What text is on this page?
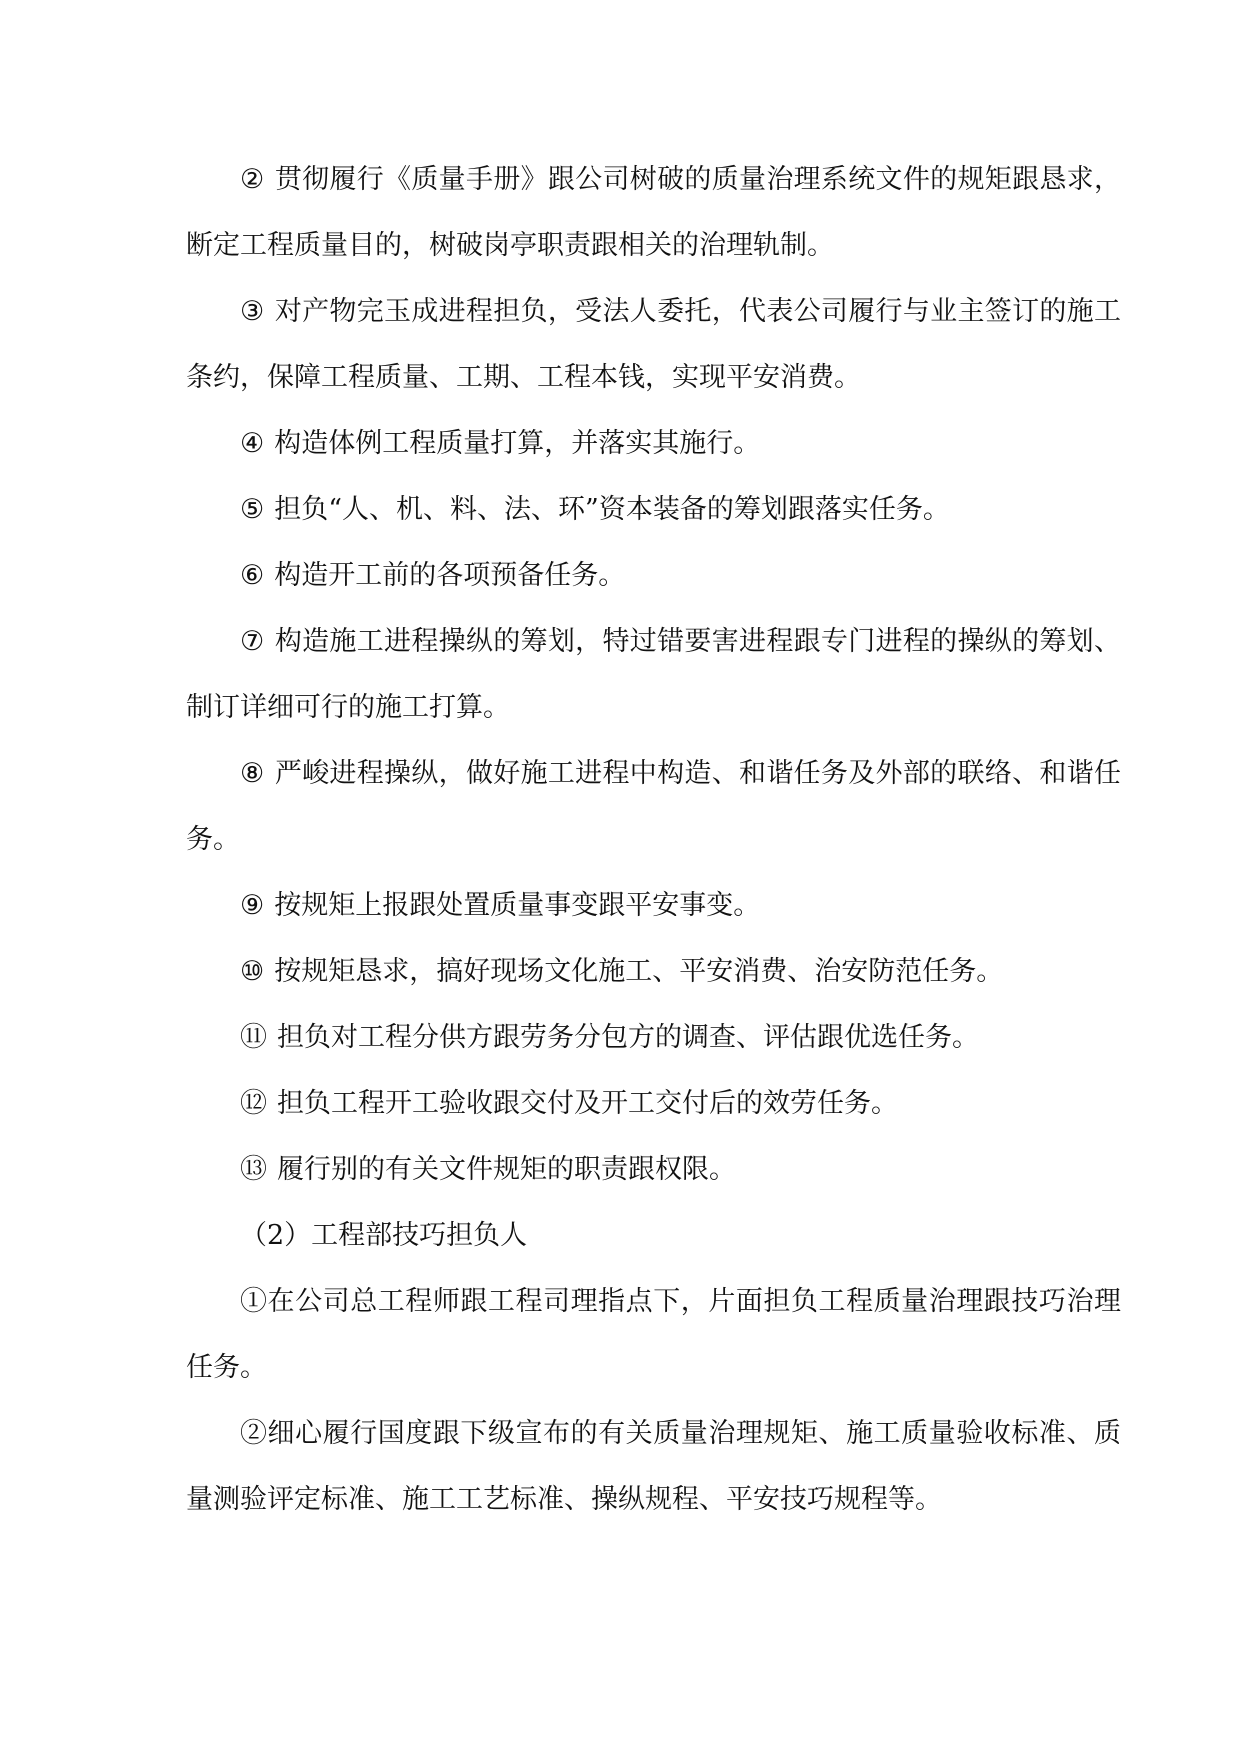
② 贯彻履行《质量手册》跟公司树破的质量治理系统文件的规矩跟恳求，断定工程质量目的，树破岗亭职责跟相关的治理轨制。

③ 对产物完玉成进程担负，受法人委托，代表公司履行与业主签订的施工条约，保障工程质量、工期、工程本钱，实现平安消费。

④ 构造体例工程质量打算，并落实其施行。

⑤ 担负“人、机、料、法、环”资本装备的筹划跟落实任务。

⑥ 构造开工前的各项预备任务。

⑦ 构造施工进程操纵的筹划，特过错要害进程跟专门进程的操纵的筹划、制订详细可行的施工打算。

⑧ 严峻进程操纵，做好施工进程中构造、和谐任务及外部的联络、和谐任务。

⑨ 按规矩上报跟处置质量事变跟平安事变。

⑩ 按规矩恳求，搞好现场文化施工、平安消费、治安防范任务。

⑪ 担负对工程分供方跟劳务分包方的调查、评估跟优选任务。

⑫ 担负工程开工验收跟交付及开工交付后的效劳任务。

⑬ 履行别的有关文件规矩的职责跟权限。

（2）工程部技巧担负人

①在公司总工程师跟工程司理指点下，片面担负工程质量治理跟技巧治理任务。

②细心履行国度跟下级宣布的有关质量治理规矩、施工质量验收标准、质量测验评定标准、施工工艺标准、操纵规程、平安技巧规程等。
